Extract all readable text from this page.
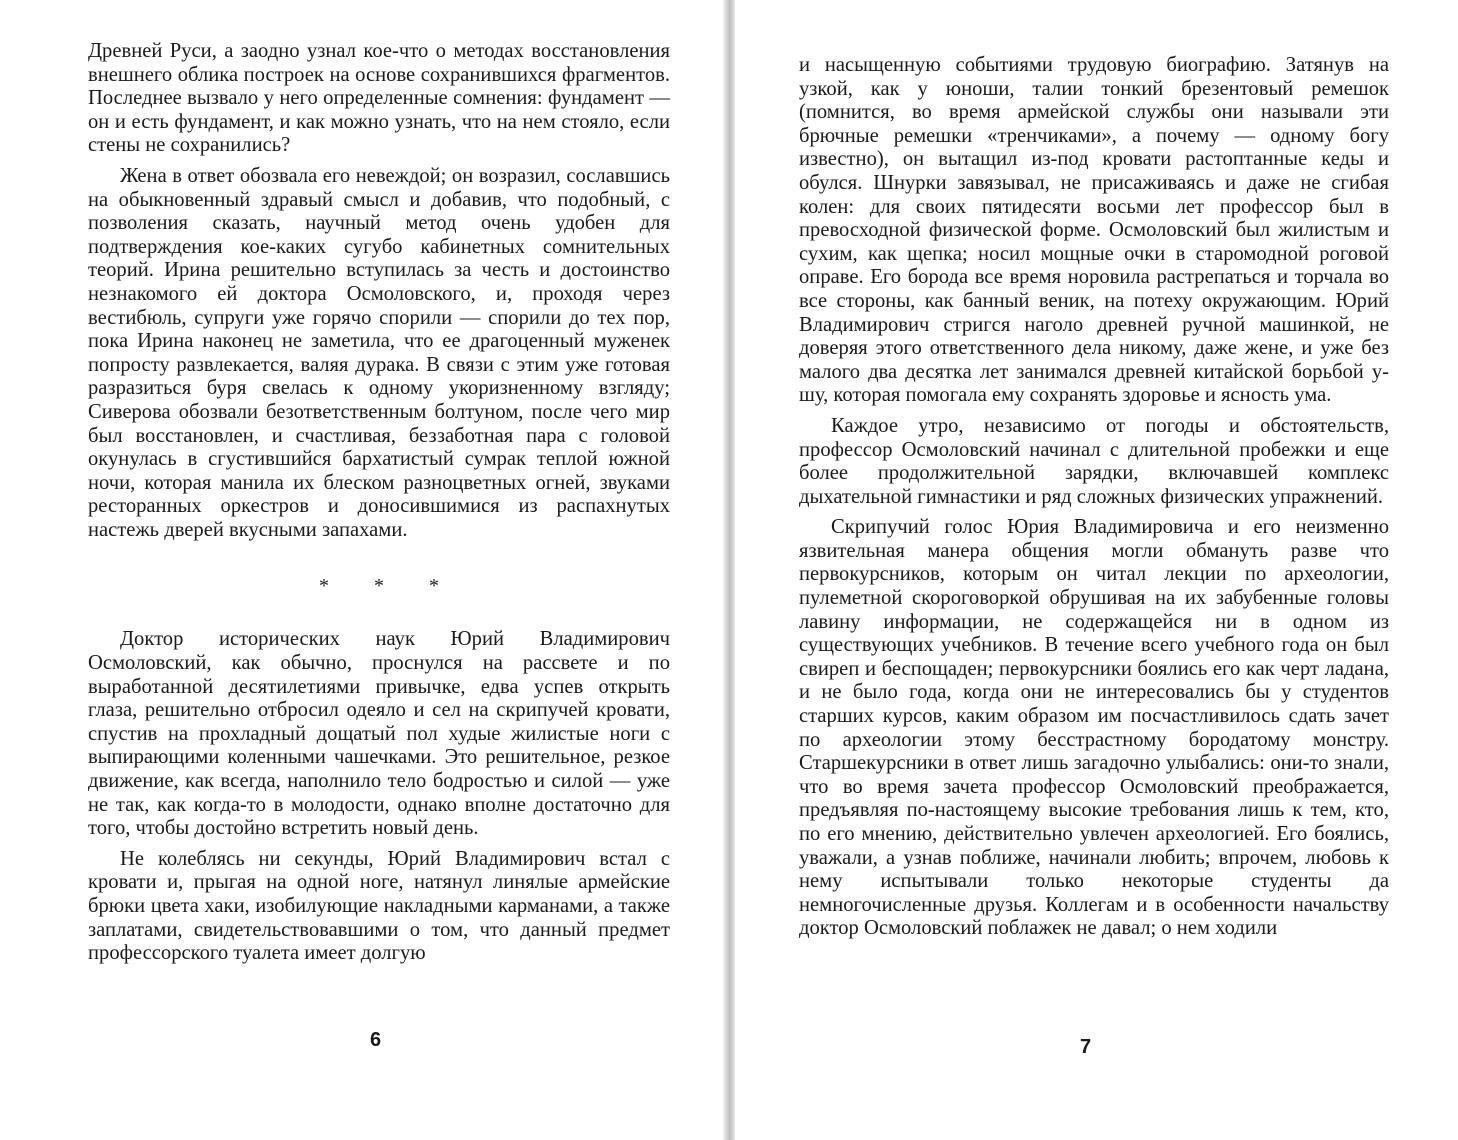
Древней Руси, а заодно узнал кое-что о методах восстановления внешнего облика построек на основе сохранившихся фрагментов. Последнее вызвало у него определенные сомнения: фундамент — он и есть фундамент, и как можно узнать, что на нем стояло, если стены не сохранились?

Жена в ответ обозвала его невеждой; он возразил, сославшись на обыкновенный здравый смысл и добавив, что подобный, с позволения сказать, научный метод очень удобен для подтверждения кое-каких сугубо кабинетных сомнительных теорий. Ирина решительно вступилась за честь и достоинство незнакомого ей доктора Осмоловского, и, проходя через вестибюль, супруги уже горячо спорили — спорили до тех пор, пока Ирина наконец не заметила, что ее драгоценный муженек попросту развлекается, валяя дурака. В связи с этим уже готовая разразиться буря свелась к одному укоризненному взгляду; Сиверова обозвали безответственным болтуном, после чего мир был восстановлен, и счастливая, беззаботная пара с головой окунулась в сгустившийся бархатистый сумрак теплой южной ночи, которая манила их блеском разноцветных огней, звуками ресторанных оркестров и доносившимися из распахнутых настежь дверей вкусными запахами.

* * *

Доктор исторических наук Юрий Владимирович Осмоловский, как обычно, проснулся на рассвете и по выработанной десятилетиями привычке, едва успев открыть глаза, решительно отбросил одеяло и сел на скрипучей кровати, спустив на прохладный дощатый пол худые жилистые ноги с выпирающими коленными чашечками. Это решительное, резкое движение, как всегда, наполнило тело бодростью и силой — уже не так, как когда-то в молодости, однако вполне достаточно для того, чтобы достойно встретить новый день.

Не колеблясь ни секунды, Юрий Владимирович встал с кровати и, прыгая на одной ноге, натянул линялые армейские брюки цвета хаки, изобилующие накладными карманами, а также заплатами, свидетельствовавшими о том, что данный предмет профессорского туалета имеет долгую

6

и насыщенную событиями трудовую биографию. Затянув на узкой, как у юноши, талии тонкий брезентовый ремешок (помнится, во время армейской службы они называли эти брючные ремешки «тренчиками», а почему — одному богу известно), он вытащил из-под кровати растоптанные кеды и обулся. Шнурки завязывал, не присаживаясь и даже не сгибая колен: для своих пятидесяти восьми лет профессор был в превосходной физической форме. Осмоловский был жилистым и сухим, как щепка; носил мощные очки в старомодной роговой оправе. Его борода все время норовила растрепаться и торчала во все стороны, как банный веник, на потеху окружающим. Юрий Владимирович стригся наголо древней ручной машинкой, не доверяя этого ответственного дела никому, даже жене, и уже без малого два десятка лет занимался древней китайской борьбой у-шу, которая помогала ему сохранять здоровье и ясность ума.

Каждое утро, независимо от погоды и обстоятельств, профессор Осмоловский начинал с длительной пробежки и еще более продолжительной зарядки, включавшей комплекс дыхательной гимнастики и ряд сложных физических упражнений.

Скрипучий голос Юрия Владимировича и его неизменно язвительная манера общения могли обмануть разве что первокурсников, которым он читал лекции по археологии, пулеметной скороговоркой обрушивая на их забубенные головы лавину информации, не содержащейся ни в одном из существующих учебников. В течение всего учебного года он был свиреп и беспощаден; первокурсники боялись его как черт ладана, и не было года, когда они не интересовались бы у студентов старших курсов, каким образом им посчастливилось сдать зачет по археологии этому бесстрастному бородатому монстру. Старшекурсники в ответ лишь загадочно улыбались: они-то знали, что во время зачета профессор Осмоловский преображается, предъявляя по-настоящему высокие требования лишь к тем, кто, по его мнению, действительно увлечен археологией. Его боялись, уважали, а узнав поближе, начинали любить; впрочем, любовь к нему испытывали только некоторые студенты да немногочисленные друзья. Коллегам и в особенности начальству доктор Осмоловский поблажек не давал; о нем ходили

7
